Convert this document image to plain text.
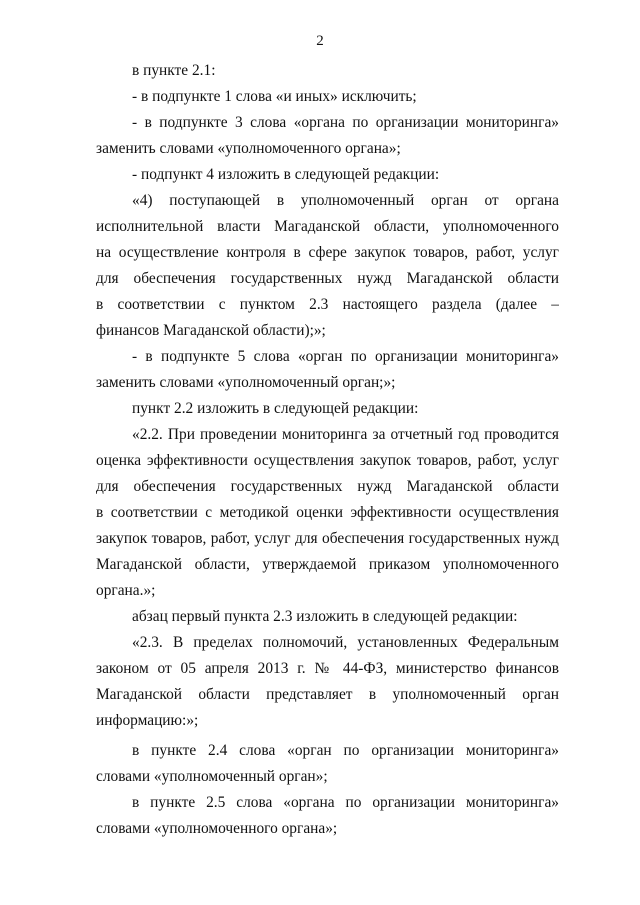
2
в пункте 2.1:
- в подпункте 1 слова «и иных» исключить;
- в подпункте 3 слова «органа по организации мониторинга»
заменить словами «уполномоченного органа»;
- подпункт 4 изложить в следующей редакции:
«4) поступающей в уполномоченный орган от органа
исполнительной власти Магаданской области, уполномоченного
на осуществление контроля в сфере закупок товаров, работ, услуг
для обеспечения государственных нужд Магаданской области
в соответствии с пунктом 2.3 настоящего раздела (далее –
финансов Магаданской области);»;
- в подпункте 5 слова «орган по организации мониторинга»
заменить словами «уполномоченный орган;»;
пункт 2.2 изложить в следующей редакции:
«2.2. При проведении мониторинга за отчетный год проводится
оценка эффективности осуществления закупок товаров, работ, услуг
для обеспечения государственных нужд Магаданской области
в соответствии с методикой оценки эффективности осуществления
закупок товаров, работ, услуг для обеспечения государственных нужд
Магаданской области, утверждаемой приказом уполномоченного
органа.»;
абзац первый пункта 2.3 изложить в следующей редакции:
«2.3. В пределах полномочий, установленных Федеральным
законом от 05 апреля 2013 г. № 44-ФЗ, министерство финансов
Магаданской области представляет в уполномоченный орган
информацию:»;
в пункте 2.4 слова «орган по организации мониторинга»
словами «уполномоченный орган»;
в пункте 2.5 слова «органа по организации мониторинга»
словами «уполномоченного органа»;
